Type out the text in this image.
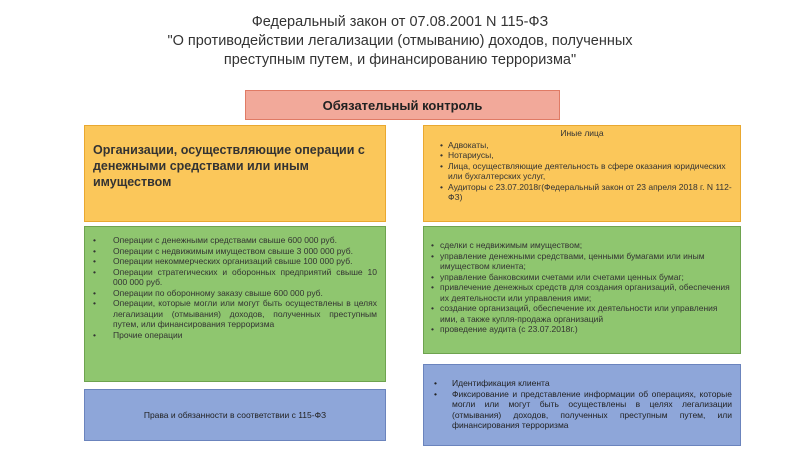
Федеральный закон от 07.08.2001 N 115-ФЗ
"О противодействии легализации (отмыванию) доходов, полученных
преступным путем, и финансированию терроризма"
Обязательный контроль
Организации, осуществляющие операции с денежными средствами или иным имуществом
Иные лица
• Адвокаты,
• Нотариусы,
• Лица, осуществляющие деятельность в сфере оказания юридических или бухгалтерских услуг,
• Аудиторы с 23.07.2018г(Федеральный закон от 23 апреля 2018 г. N 112-ФЗ)
• Операции с денежными средствами свыше 600 000 руб.
• Операции с недвижимым имуществом свыше 3 000 000 руб.
• Операции некоммерческих организаций свыше 100 000 руб.
• Операции стратегических и оборонных предприятий свыше 10 000 000 руб.
• Операции по оборонному заказу свыше 600 000 руб.
• Операции, которые могли или могут быть осуществлены в целях легализации (отмывания) доходов, полученных преступным путем, или финансирования терроризма
• Прочие операции
• сделки с недвижимым имуществом;
• управление денежными средствами, ценными бумагами или иным имуществом клиента;
• управление банковскими счетами или счетами ценных бумаг;
• привлечение денежных средств для создания организаций, обеспечения их деятельности или управления ими;
• создание организаций, обеспечение их деятельности или управления ими, а также купля-продажа организаций
• проведение аудита (с 23.07.2018г.)
Права и обязанности в соответствии с 115-ФЗ
• Идентификация клиента
• Фиксирование и представление информации об операциях, которые могли или могут быть осуществлены в целях легализации (отмывания) доходов, полученных преступным путем, или финансирования терроризма
